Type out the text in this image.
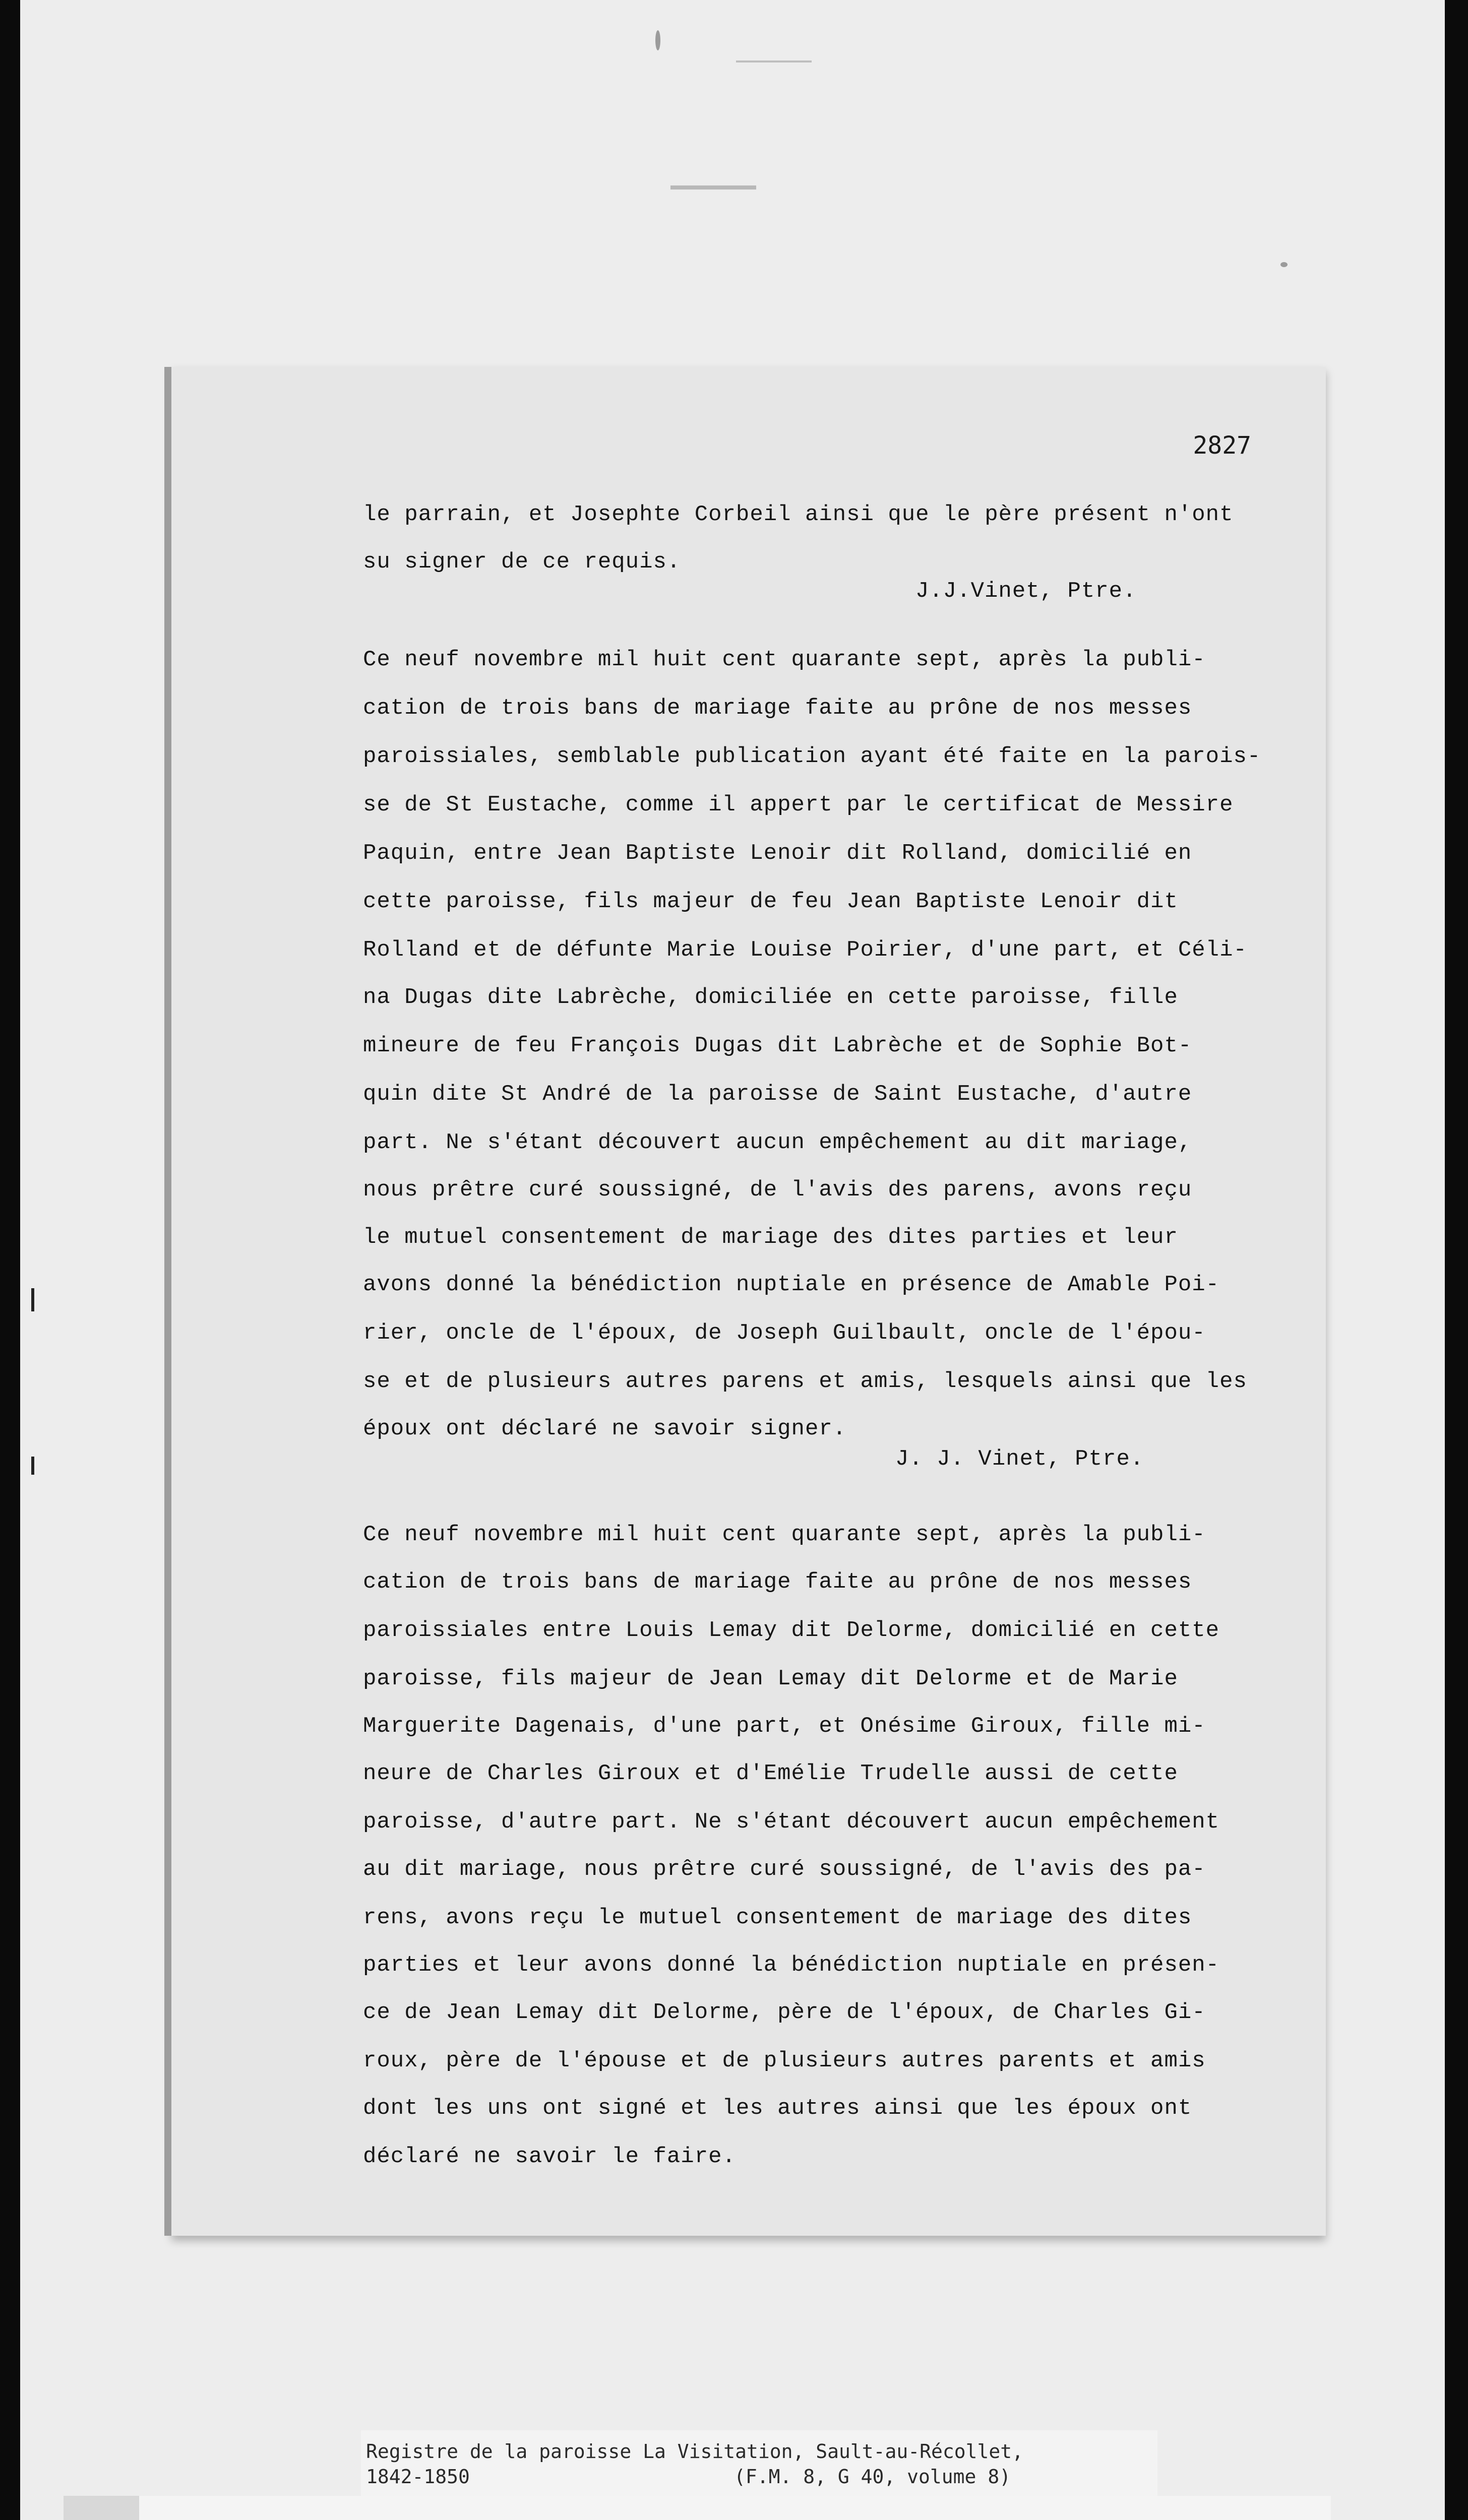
2827
le parrain, et Josephte Corbeil ainsi que le père présent n'ont
su signer de ce requis.
J.J.Vinet, Ptre.
Ce neuf novembre mil huit cent quarante sept, après la publi-
cation de trois bans de mariage faite au prône de nos messes
paroissiales, semblable publication ayant été faite en la parois-
se de St Eustache, comme il appert par le certificat de Messire
Paquin, entre Jean Baptiste Lenoir dit Rolland, domicilié en
cette paroisse, fils majeur de feu Jean Baptiste Lenoir dit
Rolland et de défunte Marie Louise Poirier, d'une part, et Céli-
na Dugas dite Labrèche, domiciliée en cette paroisse, fille
mineure de feu François Dugas dit Labrèche et de Sophie Bot-
quin dite St André de la paroisse de Saint Eustache, d'autre
part. Ne s'étant découvert aucun empêchement au dit mariage,
nous prêtre curé soussigné, de l'avis des parens, avons reçu
le mutuel consentement de mariage des dites parties et leur
avons donné la bénédiction nuptiale en présence de Amable Poi-
rier, oncle de l'époux, de Joseph Guilbault, oncle de l'épou-
se et de plusieurs autres parens et amis, lesquels ainsi que les
époux ont déclaré ne savoir signer.
J. J. Vinet, Ptre.
Ce neuf novembre mil huit cent quarante sept, après la publi-
cation de trois bans de mariage faite au prône de nos messes
paroissiales entre Louis Lemay dit Delorme, domicilié en cette
paroisse, fils majeur de Jean Lemay dit Delorme et de Marie
Marguerite Dagenais, d'une part, et Onésime Giroux, fille mi-
neure de Charles Giroux et d'Emélie Trudelle aussi de cette
paroisse, d'autre part. Ne s'étant découvert aucun empêchement
au dit mariage, nous prêtre curé soussigné, de l'avis des pa-
rens, avons reçu le mutuel consentement de mariage des dites
parties et leur avons donné la bénédiction nuptiale en présen-
ce de Jean Lemay dit Delorme, père de l'époux, de Charles Gi-
roux, père de l'épouse et de plusieurs autres parents et amis
dont les uns ont signé et les autres ainsi que les époux ont
déclaré ne savoir le faire.
Registre de la paroisse La Visitation, Sault-au-Récollet,
1842-1850	(F.M. 8, G 40, volume 8)
